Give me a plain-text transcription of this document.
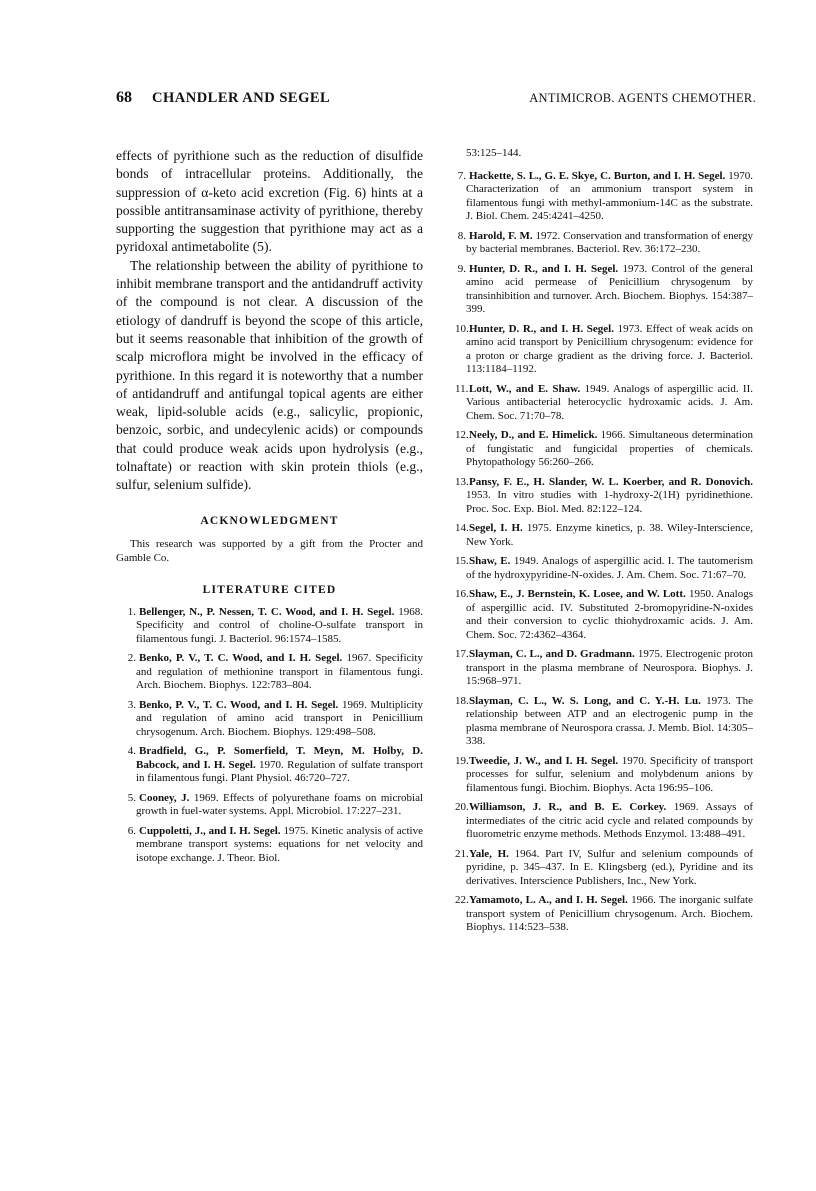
68 CHANDLER AND SEGEL	ANTIMICROB. AGENTS CHEMOTHER.

effects of pyrithione such as the reduction of disulfide bonds of intracellular proteins. Additionally, the suppression of α-keto acid excretion (Fig. 6) hints at a possible antitransaminase activity of pyrithione, thereby supporting the suggestion that pyrithione may act as a pyridoxal antimetabolite (5).

The relationship between the ability of pyrithione to inhibit membrane transport and the antidandruff activity of the compound is not clear. A discussion of the etiology of dandruff is beyond the scope of this article, but it seems reasonable that inhibition of the growth of scalp microflora might be involved in the efficacy of pyrithione. In this regard it is noteworthy that a number of antidandruff and antifungal topical agents are either weak, lipid-soluble acids (e.g., salicylic, propionic, benzoic, sorbic, and undecylenic acids) or compounds that could produce weak acids upon hydrolysis (e.g., tolnaftate) or reaction with skin protein thiols (e.g., sulfur, selenium sulfide).

ACKNOWLEDGMENT

This research was supported by a gift from the Procter and Gamble Co.

LITERATURE CITED
1. Bellenger, N., P. Nessen, T. C. Wood, and I. H. Segel. 1968. Specificity and control of choline-O-sulfate transport in filamentous fungi. J. Bacteriol. 96:1574–1585.
2. Benko, P. V., T. C. Wood, and I. H. Segel. 1967. Specificity and regulation of methionine transport in filamentous fungi. Arch. Biochem. Biophys. 122:783–804.
3. Benko, P. V., T. C. Wood, and I. H. Segel. 1969. Multiplicity and regulation of amino acid transport in Penicillium chrysogenum. Arch. Biochem. Biophys. 129:498–508.
4. Bradfield, G., P. Somerfield, T. Meyn, M. Holby, D. Babcock, and I. H. Segel. 1970. Regulation of sulfate transport in filamentous fungi. Plant Physiol. 46:720–727.
5. Cooney, J. 1969. Effects of polyurethane foams on microbial growth in fuel-water systems. Appl. Microbiol. 17:227–231.
6. Cuppoletti, J., and I. H. Segel. 1975. Kinetic analysis of active membrane transport systems: equations for net velocity and isotope exchange. J. Theor. Biol.
53:125–144.
7. Hackette, S. L., G. E. Skye, C. Burton, and I. H. Segel. 1970. Characterization of an ammonium transport system in filamentous fungi with methyl-ammonium-14C as the substrate. J. Biol. Chem. 245:4241–4250.
8. Harold, F. M. 1972. Conservation and transformation of energy by bacterial membranes. Bacteriol. Rev. 36:172–230.
9. Hunter, D. R., and I. H. Segel. 1973. Control of the general amino acid permease of Penicillium chrysogenum by transinhibition and turnover. Arch. Biochem. Biophys. 154:387–399.
10.Hunter, D. R., and I. H. Segel. 1973. Effect of weak acids on amino acid transport by Penicillium chrysogenum: evidence for a proton or charge gradient as the driving force. J. Bacteriol. 113:1184–1192.
11.Lott, W., and E. Shaw. 1949. Analogs of aspergillic acid. II. Various antibacterial heterocyclic hydroxamic acids. J. Am. Chem. Soc. 71:70–78.
12.Neely, D., and E. Himelick. 1966. Simultaneous determination of fungistatic and fungicidal properties of chemicals. Phytopathology 56:260–266.
13.Pansy, F. E., H. Slander, W. L. Koerber, and R. Donovich. 1953. In vitro studies with 1-hydroxy-2(1H) pyridinethione. Proc. Soc. Exp. Biol. Med. 82:122–124.
14.Segel, I. H. 1975. Enzyme kinetics, p. 38. Wiley-Interscience, New York.
15.Shaw, E. 1949. Analogs of aspergillic acid. I. The tautomerism of the hydroxypyridine-N-oxides. J. Am. Chem. Soc. 71:67–70.
16.Shaw, E., J. Bernstein, K. Losee, and W. Lott. 1950. Analogs of aspergillic acid. IV. Substituted 2-bromopyridine-N-oxides and their conversion to cyclic thiohydroxamic acids. J. Am. Chem. Soc. 72:4362–4364.
17.Slayman, C. L., and D. Gradmann. 1975. Electrogenic proton transport in the plasma membrane of Neurospora. Biophys. J. 15:968–971.
18.Slayman, C. L., W. S. Long, and C. Y.-H. Lu. 1973. The relationship between ATP and an electrogenic pump in the plasma membrane of Neurospora crassa. J. Memb. Biol. 14:305–338.
19.Tweedie, J. W., and I. H. Segel. 1970. Specificity of transport processes for sulfur, selenium and molybdenum anions by filamentous fungi. Biochim. Biophys. Acta 196:95–106.
20.Williamson, J. R., and B. E. Corkey. 1969. Assays of intermediates of the citric acid cycle and related compounds by fluorometric enzyme methods. Methods Enzymol. 13:488–491.
21.Yale, H. 1964. Part IV, Sulfur and selenium compounds of pyridine, p. 345–437. In E. Klingsberg (ed.), Pyridine and its derivatives. Interscience Publishers, Inc., New York.
22.Yamamoto, L. A., and I. H. Segel. 1966. The inorganic sulfate transport system of Penicillium chrysogenum. Arch. Biochem. Biophys. 114:523–538.
